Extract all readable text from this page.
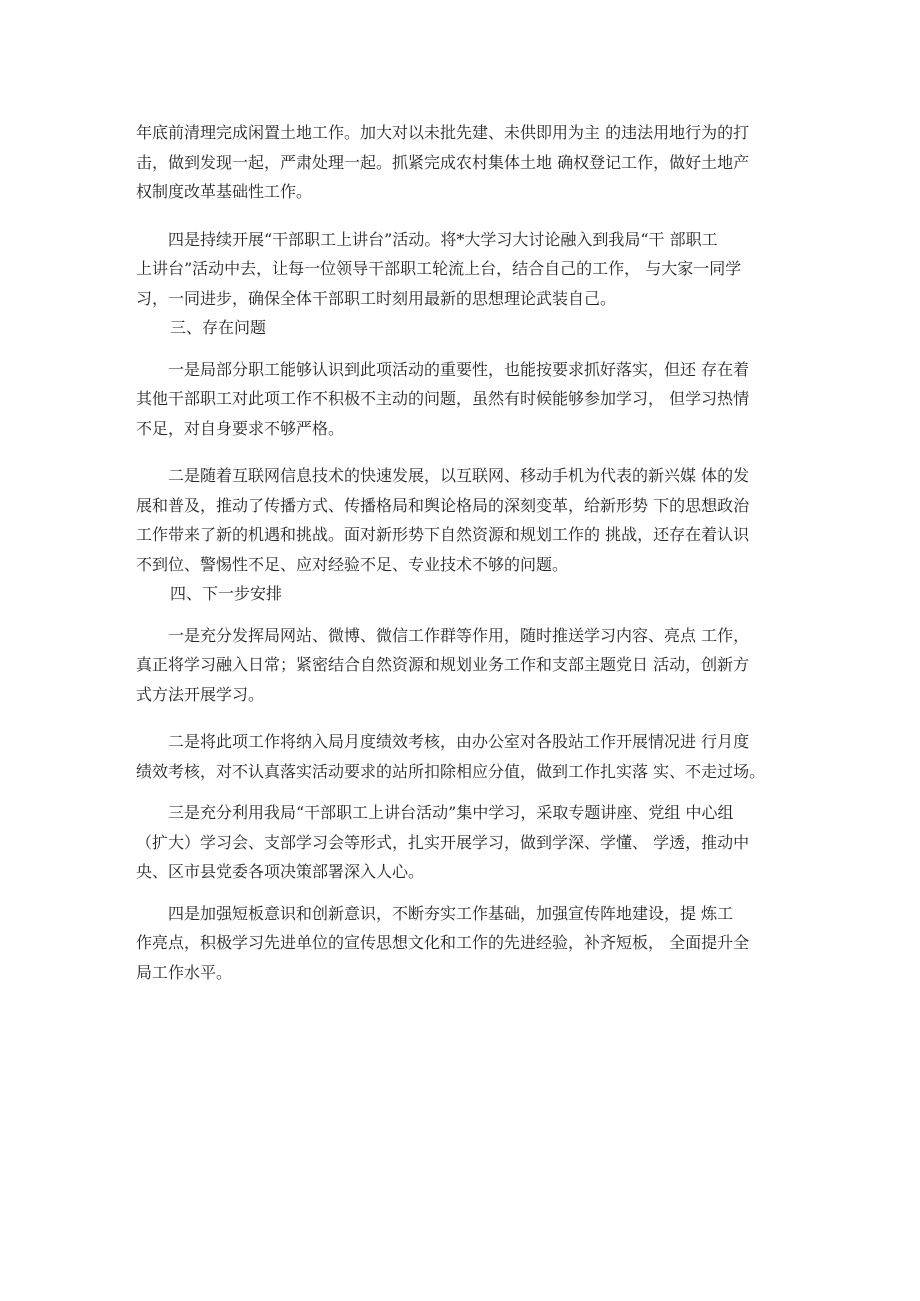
年底前清理完成闲置土地工作。加大对以未批先建、未供即用为主 的违法用地行为的打
击，做到发现一起，严肃处理一起。抓紧完成农村集体土地 确权登记工作，做好土地产
权制度改革基础性工作。

四是持续开展“干部职工上讲台”活动。将*大学习大讨论融入到我局“干 部职工
上讲台”活动中去，让每一位领导干部职工轮流上台，结合自己的工作， 与大家一同学
习，一同进步，确保全体干部职工时刻用最新的思想理论武装自己。

三、存在问题

一是局部分职工能够认识到此项活动的重要性，也能按要求抓好落实，但还 存在着
其他干部职工对此项工作不积极不主动的问题，虽然有时候能够参加学习， 但学习热情
不足，对自身要求不够严格。

二是随着互联网信息技术的快速发展，以互联网、移动手机为代表的新兴媒 体的发
展和普及，推动了传播方式、传播格局和舆论格局的深刻变革，给新形势 下的思想政治
工作带来了新的机遇和挑战。面对新形势下自然资源和规划工作的 挑战，还存在着认识
不到位、警惕性不足、应对经验不足、专业技术不够的问题。

四、下一步安排

一是充分发挥局网站、微博、微信工作群等作用，随时推送学习内容、亮点 工作，
真正将学习融入日常；紧密结合自然资源和规划业务工作和支部主题党日 活动，创新方
式方法开展学习。

二是将此项工作将纳入局月度绩效考核，由办公室对各股站工作开展情况进 行月度
绩效考核，对不认真落实活动要求的站所扣除相应分值，做到工作扎实落 实、不走过场。

三是充分利用我局“干部职工上讲台活动”集中学习，采取专题讲座、党组 中心组
（扩大）学习会、支部学习会等形式，扎实开展学习，做到学深、学懂、 学透，推动中
央、区市县党委各项决策部署深入人心。

四是加强短板意识和创新意识，不断夯实工作基础，加强宣传阵地建设，提 炼工
作亮点，积极学习先进单位的宣传思想文化和工作的先进经验，补齐短板， 全面提升全
局工作水平。
